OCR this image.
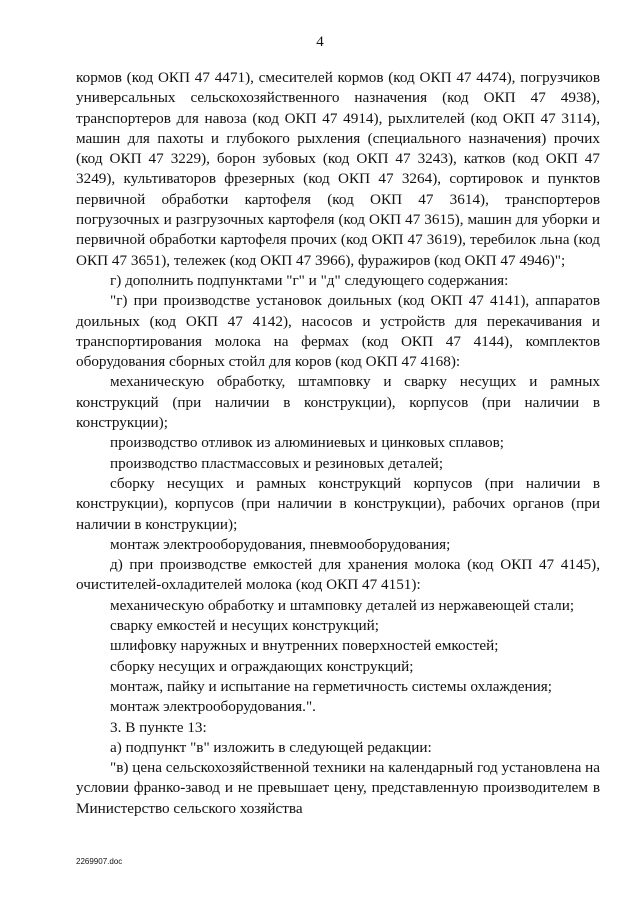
4

кормов (код ОКП 47 4471), смесителей кормов (код ОКП 47 4474), погрузчиков универсальных сельскохозяйственного назначения (код ОКП 47 4938), транспортеров для навоза (код ОКП 47 4914), рыхлителей (код ОКП 47 3114), машин для пахоты и глубокого рыхления (специального назначения) прочих (код ОКП 47 3229), борон зубовых (код ОКП 47 3243), катков (код ОКП 47 3249), культиваторов фрезерных (код ОКП 47 3264), сортировок и пунктов первичной обработки картофеля (код ОКП 47 3614), транспортеров погрузочных и разгрузочных картофеля (код ОКП 47 3615), машин для уборки и первичной обработки картофеля прочих (код ОКП 47 3619), теребилок льна (код ОКП 47 3651), тележек (код ОКП 47 3966), фуражиров (код ОКП 47 4946)";

г) дополнить подпунктами "г" и "д" следующего содержания:

"г) при производстве установок доильных (код ОКП 47 4141), аппаратов доильных (код ОКП 47 4142), насосов и устройств для перекачивания и транспортирования молока на фермах (код ОКП 47 4144), комплектов оборудования сборных стойл для коров (код ОКП 47 4168):

механическую обработку, штамповку и сварку несущих и рамных конструкций (при наличии в конструкции), корпусов (при наличии в конструкции);

производство отливок из алюминиевых и цинковых сплавов;

производство пластмассовых и резиновых деталей;

сборку несущих и рамных конструкций корпусов (при наличии в конструкции), корпусов (при наличии в конструкции), рабочих органов (при наличии в конструкции);

монтаж электрооборудования, пневмооборудования;

д) при производстве емкостей для хранения молока (код ОКП 47 4145), очистителей-охладителей молока (код ОКП 47 4151):

механическую обработку и штамповку деталей из нержавеющей стали;

сварку емкостей и несущих конструкций;

шлифовку наружных и внутренних поверхностей емкостей;

сборку несущих и ограждающих конструкций;

монтаж, пайку и испытание на герметичность системы охлаждения;

монтаж электрооборудования.".

3. В пункте 13:

а) подпункт "в" изложить в следующей редакции:

"в) цена сельскохозяйственной техники на календарный год установлена на условии франко-завод и не превышает цену, представленную производителем в Министерство сельского хозяйства

2269907.doc
